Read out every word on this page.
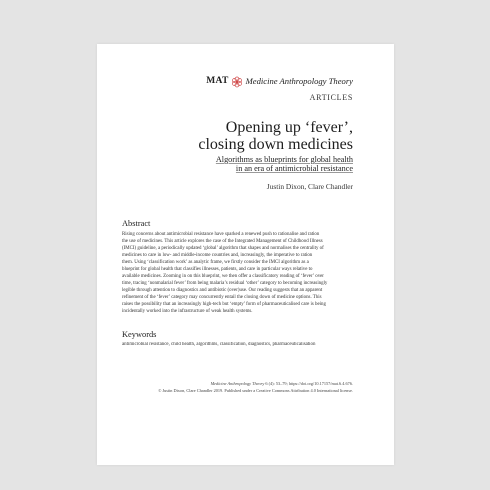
MAT Medicine Anthropology Theory
ARTICLES
Opening up ‘fever’,
closing down medicines
Algorithms as blueprints for global health
in an era of antimicrobial resistance
Justin Dixon, Clare Chandler
Abstract
Rising concerns about antimicrobial resistance have sparked a renewed push to rationalise and ration
the use of medicines. This article explores the case of the Integrated Management of Childhood Illness
(IMCI) guideline, a periodically updated ‘global’ algorithm that shapes and normalises the centrality of
medicines to care in low- and middle-income countries and, increasingly, the imperative to ration
them. Using ‘classification work’ as analytic frame, we firstly consider the IMCI algorithm as a
blueprint for global health that classifies illnesses, patients, and care in particular ways relative to
available medicines. Zooming in on this blueprint, we then offer a classificatory reading of ‘fever’ over
time, tracing ‘nonmalarial fever’ from being malaria’s residual ‘other’ category to becoming increasingly
legible through attention to diagnostics and antibiotic (over)use. Our reading suggests that an apparent
refinement of the ‘fever’ category may concurrently entail the closing down of medicine options. This
raises the possibility that an increasingly high-tech but ‘empty’ form of pharmaceuticalised care is being
incidentally worked into the infrastructure of weak health systems.
Keywords
antimicrobial resistance, child health, algorithms, classification, diagnostics, pharmaceuticalisation
Medicine Anthropology Theory 6 (4): 53–79; https://doi.org/10.17157/mat.6.4.676.
© Justin Dixon, Clare Chandler 2019. Published under a Creative Commons Attribution 4.0 International license.
